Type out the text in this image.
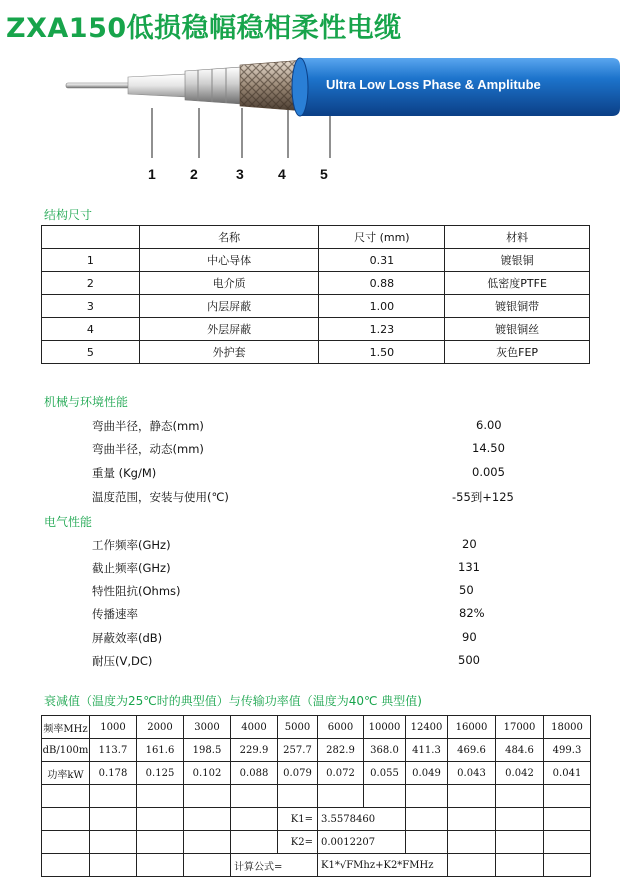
ZXA150低损稳幅稳相柔性电缆
Ultra Low Loss Phase & Amplitube
1 2	3 4 5
结构尺寸
	名称	尺寸 (mm)	材料
1	中心导体	0.31	镀银铜
2	电介质	0.88	低密度PTFE
3	内层屏蔽	1.00	镀银铜带
4	外层屏蔽	1.23	镀银铜丝
5	外护套	1.50	灰色FEP
机械与环境性能
弯曲半径，静态(mm)	6.00
弯曲半径，动态(mm)	14.50
重量 (Kg/M)	0.005
温度范围，安装与使用(℃)	-55到+125
电气性能
工作频率(GHz)	20
截止频率(GHz)	131
特性阻抗(Ohms)	50
传播速率	82%
屏蔽效率(dB)	90
耐压(V,DC)	500
衰减值（温度为25℃时的典型值）与传输功率值（温度为40℃ 典型值)
频率MHz	1000	2000	3000	4000	5000	6000	10000	12400	16000	17000	18000
dB/100m	113.7	161.6	198.5	229.9	257.7	282.9	368.0	411.3	469.6	484.6	499.3
功率kW	0.178	0.125	0.102	0.088	0.079	0.072	0.055	0.049	0.043	0.042	0.041

					K1=	3.5578460					
					K2=	0.0012207					
				计算公式=		K1*√FMhz+K2*FMHz					
